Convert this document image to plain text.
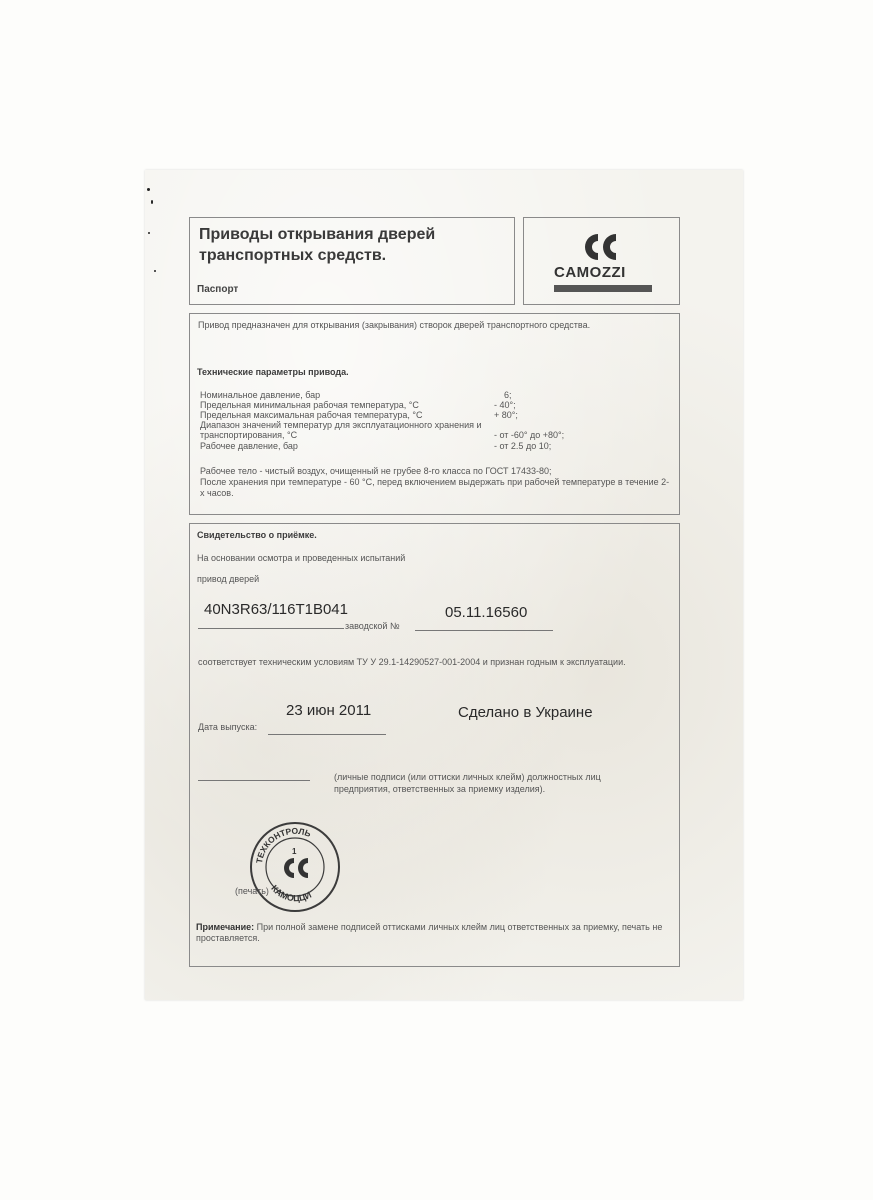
Приводы открывания дверей транспортных средств.
Паспорт
CAMOZZI
Привод предназначен для открывания (закрывания) створок дверей транспортного средства.
Технические параметры привода.
Номинальное давление, бар	6;
Предельная минимальная рабочая температура, °C	- 40°;
Предельная максимальная рабочая температура, °C	+ 80°;
Диапазон значений температур для эксплуатационного хранения и транспортирования, °C	- от -60° до +80°;
Рабочее давление, бар	- от 2.5 до 10;
Рабочее тело - чистый воздух, очищенный не грубее 8-го класса по ГОСТ 17433-80;
После хранения при температуре - 60 °C, перед включением выдержать при рабочей температуре в течение 2-х часов.
Свидетельство о приёмке.
На основании осмотра и проведенных испытаний
привод дверей
40N3R63/116T1B041
заводской №
05.11.16560
соответствует техническим условиям ТУ У 29.1-14290527-001-2004 и признан годным к эксплуатации.
23 июн 2011
Дата выпуска:
Сделано в Украине
(личные подписи (или оттиски личных клейм) должностных лиц предприятия, ответственных за приемку изделия).
ТЕХКОНТРОЛЬ
КАМОЦЦИ
1
(печать)
Примечание: При полной замене подписей оттисками личных клейм лиц ответственных за приемку, печать не проставляется.
